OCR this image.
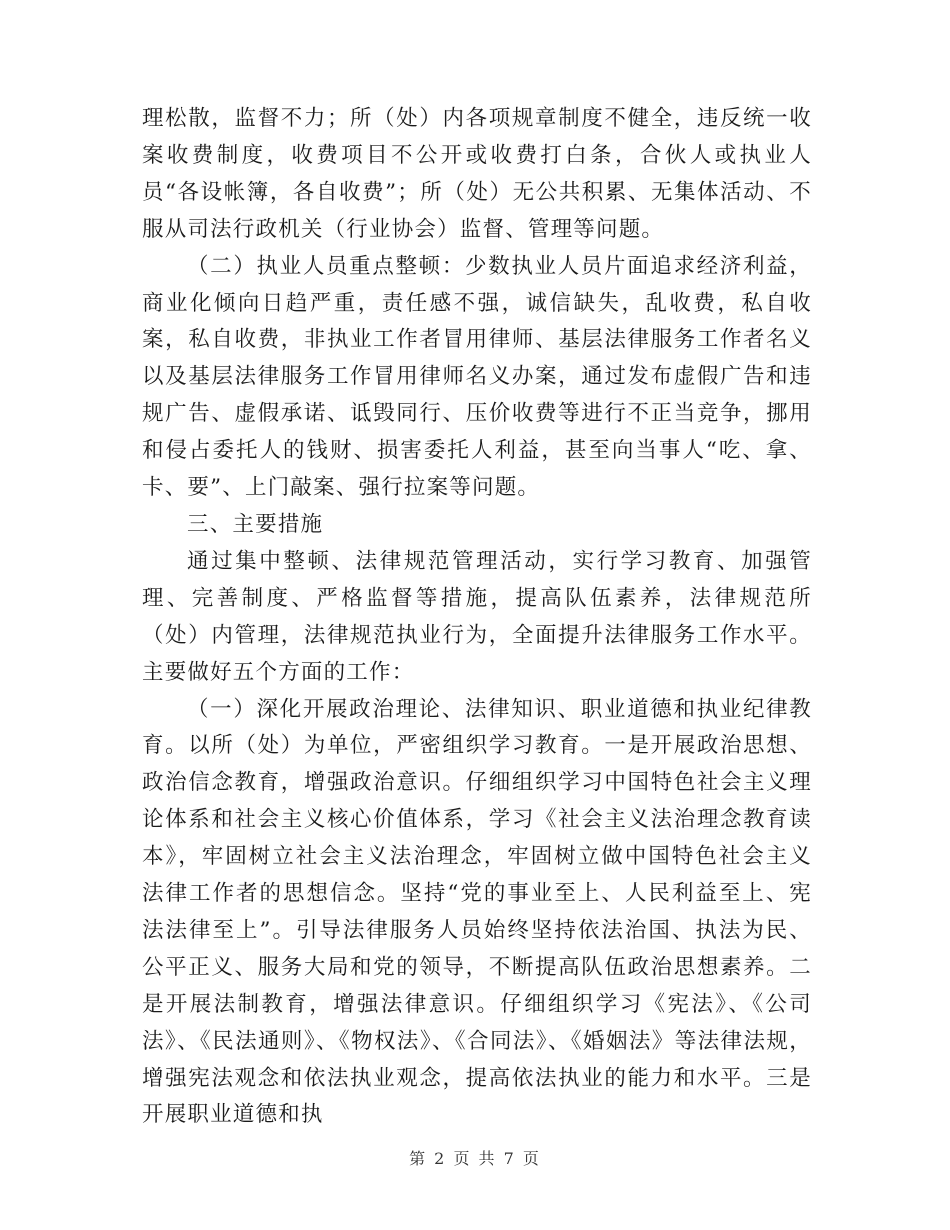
理松散，监督不力；所（处）内各项规章制度不健全，违反统一收案收费制度，收费项目不公开或收费打白条，合伙人或执业人员“各设帐簿，各自收费”；所（处）无公共积累、无集体活动、不服从司法行政机关（行业协会）监督、管理等问题。

（二）执业人员重点整顿：少数执业人员片面追求经济利益，商业化倾向日趋严重，责任感不强，诚信缺失，乱收费，私自收案，私自收费，非执业工作者冒用律师、基层法律服务工作者名义以及基层法律服务工作冒用律师名义办案，通过发布虚假广告和违规广告、虚假承诺、诋毁同行、压价收费等进行不正当竞争，挪用和侵占委托人的钱财、损害委托人利益，甚至向当事人“吃、拿、卡、要”、上门敲案、强行拉案等问题。

三、主要措施

通过集中整顿、法律规范管理活动，实行学习教育、加强管理、完善制度、严格监督等措施，提高队伍素养，法律规范所（处）内管理，法律规范执业行为，全面提升法律服务工作水平。主要做好五个方面的工作：

（一）深化开展政治理论、法律知识、职业道德和执业纪律教育。以所（处）为单位，严密组织学习教育。一是开展政治思想、政治信念教育，增强政治意识。仔细组织学习中国特色社会主义理论体系和社会主义核心价值体系，学习《社会主义法治理念教育读本》，牢固树立社会主义法治理念，牢固树立做中国特色社会主义法律工作者的思想信念。坚持“党的事业至上、人民利益至上、宪法法律至上”。引导法律服务人员始终坚持依法治国、执法为民、公平正义、服务大局和党的领导，不断提高队伍政治思想素养。二是开展法制教育，增强法律意识。仔细组织学习《宪法》、《公司法》、《民法通则》、《物权法》、《合同法》、《婚姻法》等法律法规，增强宪法观念和依法执业观念，提高依法执业的能力和水平。三是开展职业道德和执

第 2 页 共 7 页
